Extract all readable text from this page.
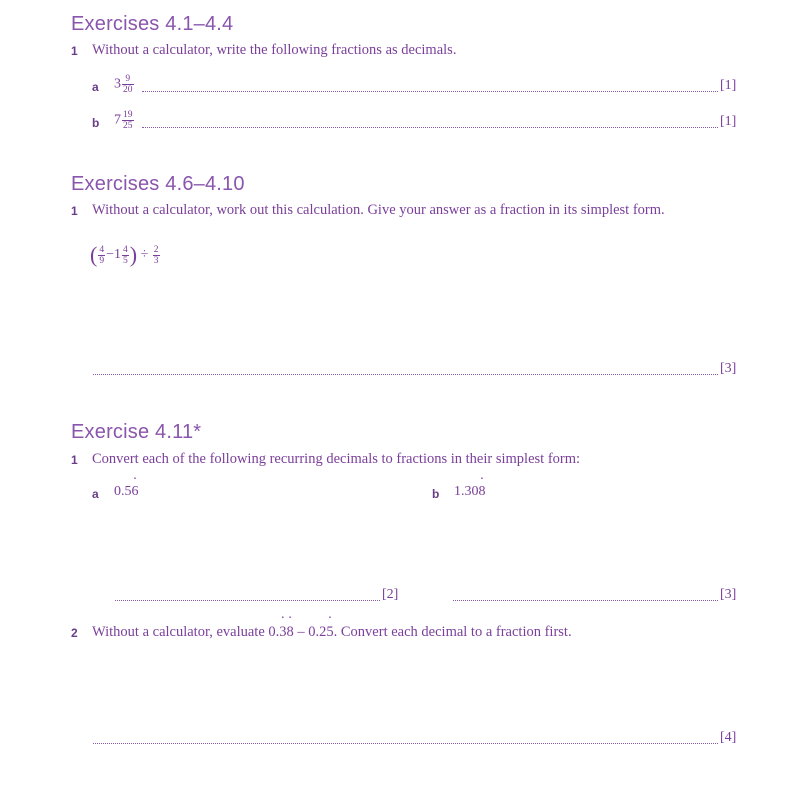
Exercises 4.1–4.4
1 Without a calculator, write the following fractions as decimals.
a $3 \frac{9}{20}$	[1]
b $7 \frac{19}{25}$	[1]
Exercises 4.6–4.10
1 Without a calculator, work out this calculation. Give your answer as a fraction in its simplest form.
( $\frac{4}{9} -1 \frac{4}{5}$ ) ÷ $\frac{2}{3}$
[3]
Exercise 4.11*
1 Convert each of the following recurring decimals to fractions in their simplest form:
a 0.5· 6	b 1.30· 8
[2]	[3]
2 Without a calculator, evaluate 0.· 3· 8 – 0.2· 5. Convert each decimal to a fraction first.
[4]
